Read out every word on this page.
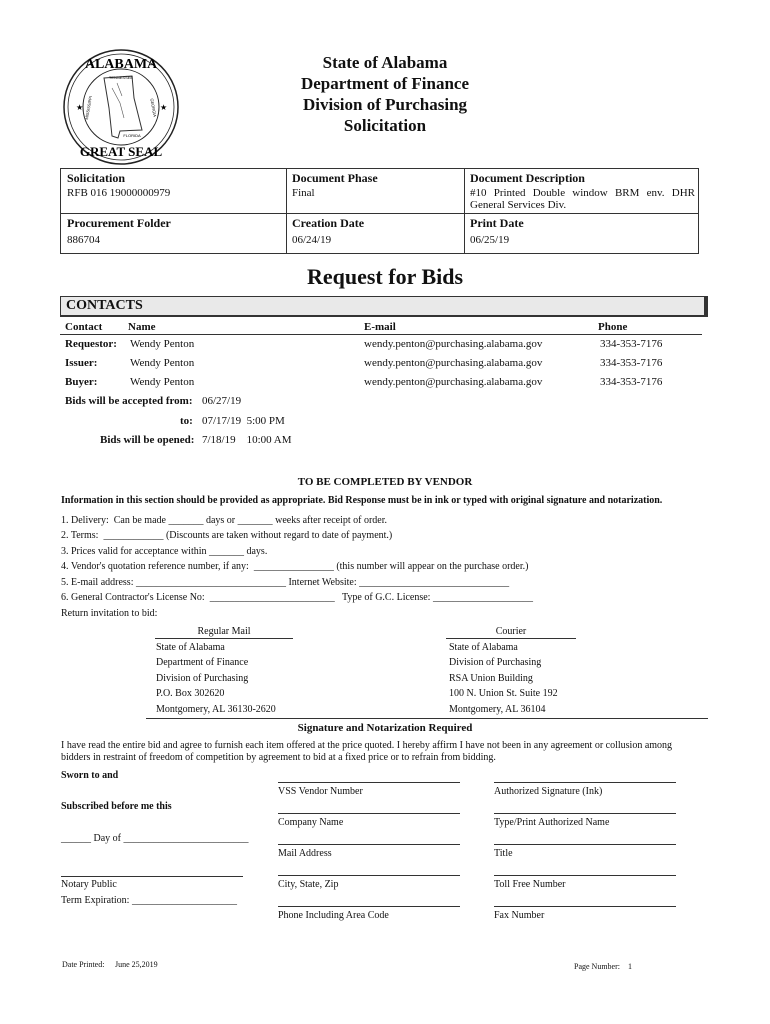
ALABAMA
GREAT SEAL
TENNESSEE
MISSISSIPPI	GEORGIA
FLORIDA
★	★
State of Alabama
Department of Finance
Division of Purchasing
Solicitation
Solicitation
RFB 016 19000000979
Document Phase
Final
Document Description
#10 Printed Double window BRM env. DHR General Services Div.
Procurement Folder
886704
Creation Date
06/24/19
Print Date
06/25/19
Request for Bids
CONTACTS
Contact Name	E-mail	Phone
Requestor: Wendy Penton	wendy.penton@purchasing.alabama.gov	334-353-7176
Issuer:	Wendy Penton	wendy.penton@purchasing.alabama.gov	334-353-7176
Buyer:	Wendy Penton	wendy.penton@purchasing.alabama.gov	334-353-7176
Bids will be accepted from: 06/27/19
to: 07/17/19  5:00 PM
Bids will be opened: 7/18/19    10:00 AM
TO BE COMPLETED BY VENDOR
Information in this section should be provided as appropriate. Bid Response must be in ink or typed with original signature and notarization.
1. Delivery:  Can be made _______ days or _______ weeks after receipt of order.
2. Terms:  ____________ (Discounts are taken without regard to date of payment.)
3. Prices valid for acceptance within _______ days.
4. Vendor's quotation reference number, if any:  ________________ (this number will appear on the purchase order.)
5. E-mail address: ______________________________ Internet Website: ______________________________
6. General Contractor's License No:  _________________________   Type of G.C. License: ____________________
Return invitation to bid:
Regular Mail
State of Alabama
Department of Finance
Division of Purchasing
P.O. Box 302620
Montgomery, AL 36130-2620
Courier
State of Alabama
Division of Purchasing
RSA Union Building
100 N. Union St. Suite 192
Montgomery, AL 36104
Signature and Notarization Required
I have read the entire bid and agree to furnish each item offered at the price quoted. I hereby affirm I have not been in any agreement or collusion among bidders in restraint of freedom of competition by agreement to bid at a fixed price or to refrain from bidding.
Sworn to and
Subscribed before me this
______ Day of _________________________
Notary Public
Term Expiration: _____________________
VSS Vendor Number
Company Name
Mail Address
City, State, Zip
Phone Including Area Code
Authorized Signature (Ink)
Type/Print Authorized Name
Title
Toll Free Number
Fax Number
Date Printed: June 25,2019	Page Number: 1
